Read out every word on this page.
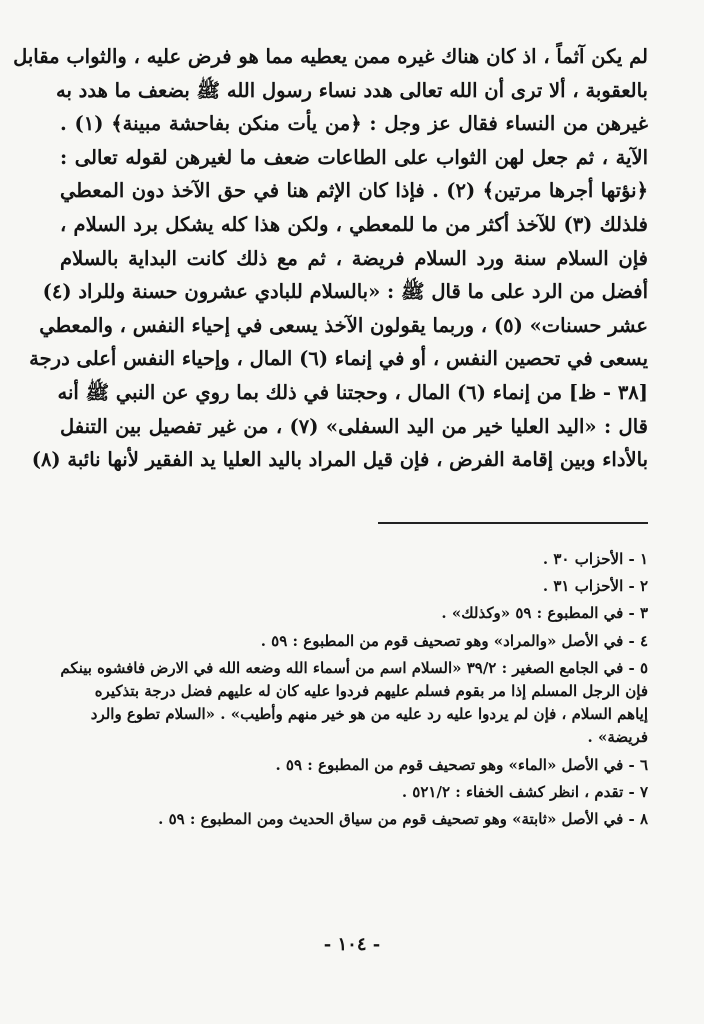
لم يكن آثماً ، اذ كان هناك غيره ممن يعطيه مما هو فرض عليه ، والثواب مقابل
بالعقوبة ، ألا ترى أن الله تعالى هدد نساء رسول الله ﷺ بضعف ما هدد به
غيرهن من النساء فقال عز وجل : ﴿من يأت منكن بفاحشة مبينة﴾ (١) .
الآية ، ثم جعل لهن الثواب على الطاعات ضعف ما لغيرهن لقوله تعالى :
﴿نؤتها أجرها مرتين﴾ (٢) . فإذا كان الإثم هنا في حق الآخذ دون المعطي
فلذلك (٣) للآخذ أكثر من ما للمعطي ، ولكن هذا كله يشكل برد السلام ،
فإن السلام سنة ورد السلام فريضة ، ثم مع ذلك كانت البداية بالسلام
أفضل من الرد على ما قال ﷺ : «بالسلام للبادي عشرون حسنة وللراد (٤)
عشر حسنات» (٥) ، وربما يقولون الآخذ يسعى في إحياء النفس ، والمعطي
يسعى في تحصين النفس ، أو في إنماء (٦) المال ، وإحياء النفس أعلى درجة
[٣٨ - ظ] من إنماء (٦) المال ، وحجتنا في ذلك بما روي عن النبي ﷺ أنه
قال : «اليد العليا خير من اليد السفلى» (٧) ، من غير تفصيل بين التنفل
بالأداء وبين إقامة الفرض ، فإن قيل المراد باليد العليا يد الفقير لأنها نائبة (٨)
١ - الأحزاب ٣٠ .
٢ - الأحزاب ٣١ .
٣ - في المطبوع : ٥٩ «وكذلك» .
٤ - في الأصل «والمراد» وهو تصحيف قوم من المطبوع : ٥٩ .
٥ - في الجامع الصغير : ٣٩/٢ «السلام اسم من أسماء الله وضعه الله في الارض فافشوه بينكم
فإن الرجل المسلم إذا مر بقوم فسلم عليهم فردوا عليه كان له عليهم فضل درجة بتذكيره
إياهم السلام ، فإن لم يردوا عليه رد عليه من هو خير منهم وأطيب» . «السلام تطوع والرد
فريضة» .
٦ - في الأصل «الماء» وهو تصحيف قوم من المطبوع : ٥٩ .
٧ - تقدم ، انظر كشف الخفاء : ٥٢١/٢ .
٨ - في الأصل «ثابتة» وهو تصحيف قوم من سياق الحديث ومن المطبوع : ٥٩ .
- ١٠٤ -
